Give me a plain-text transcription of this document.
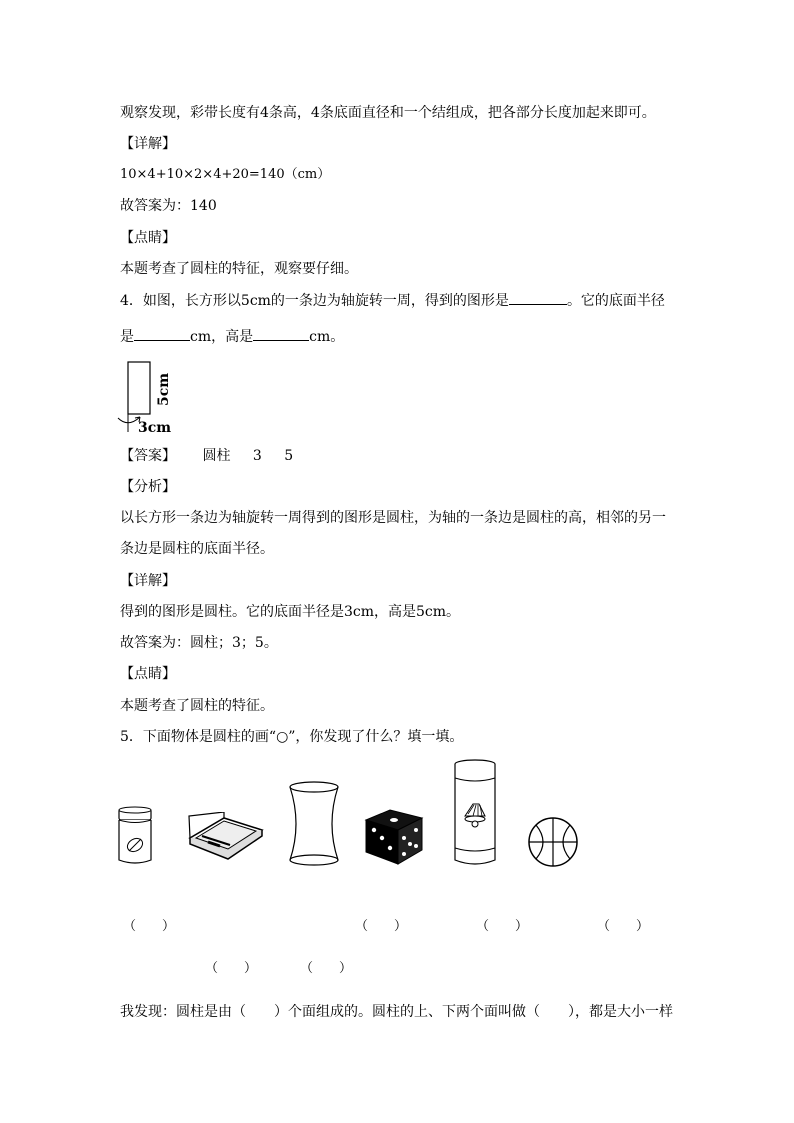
观察发现，彩带长度有4条高，4条底面直径和一个结组成，把各部分长度加起来即可。
【详解】
10×4+10×2×4+20=140（cm）
故答案为：140
【点睛】
本题考查了圆柱的特征，观察要仔细。
4．如图，长方形以5cm的一条边为轴旋转一周，得到的图形是	。它的底面半径
是	cm，高是	cm。
5cm
3cm
【答案】 圆柱 3 5
【分析】
以长方形一条边为轴旋转一周得到的图形是圆柱，为轴的一条边是圆柱的高，相邻的另一
条边是圆柱的底面半径。
【详解】
得到的图形是圆柱。它的底面半径是3cm，高是5cm。
故答案为：圆柱；3；5。
【点睛】
本题考查了圆柱的特征。
5．下面物体是圆柱的画“○”，你发现了什么？填一填。
（　　）	（　　）	（　　）	（　　）
（　　）	（　　）
我发现：圆柱是由（　　）个面组成的。圆柱的上、下两个面叫做（　　），都是大小一样
